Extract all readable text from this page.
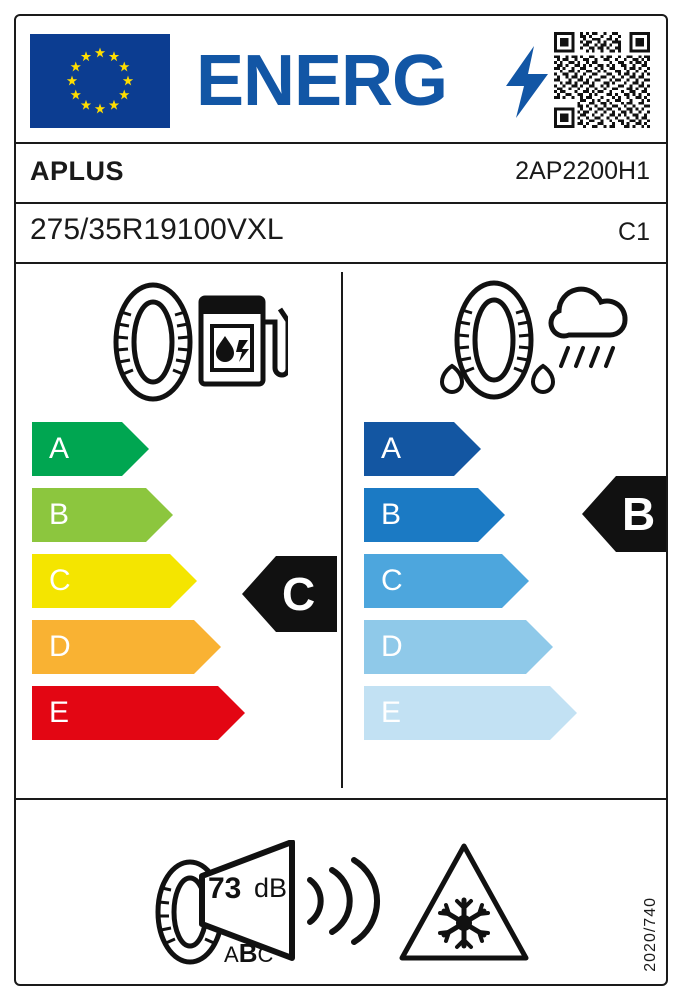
ENERG
APLUS	2AP2200H1
275/35R19100VXL	C1
A
B
C
D
E
A
B
C
D
E
C
B
73 dB
ABC	2020/740
